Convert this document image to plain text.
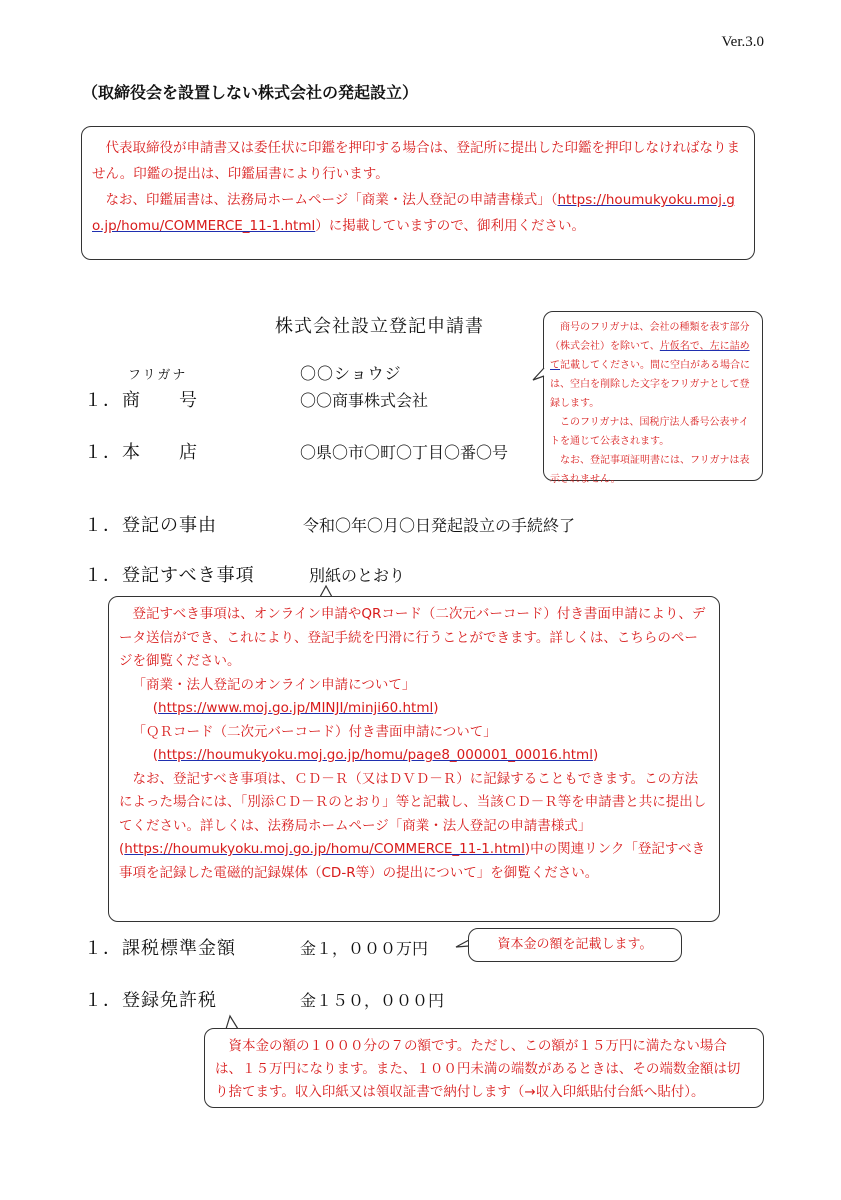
Ver.3.0
（取締役会を設置しない株式会社の発起設立）

代表取締役が申請書又は委任状に印鑑を押印する場合は、登記所に提出した印鑑を押印しなければなりません。印鑑の提出は、印鑑届書により行います。

なお、印鑑届書は、法務局ホームページ「商業・法人登記の申請書様式」（https://houmukyoku.moj.go.jp/homu/COMMERCE_11-1.html）に掲載していますので、御利用ください。

株式会社設立登記申請書	商号のフリガナは、会社の種類を表す部分（株式会社）を除いて、片仮名で、左に詰めて記載してください。間に空白がある場合には、空白を削除した文字をフリガナとして登録します。

このフリガナは、国税庁法人番号公表サイトを通じて公表されます。

なお、登記事項証明書には、フリガナは表示されません。

フリガナ	〇〇ショウジ
１．商　　号	〇〇商事株式会社
１．本　　店	〇県〇市〇町〇丁目〇番〇号
１．登記の事由	令和〇年〇月〇日発起設立の手続終了
１．登記すべき事項	別紙のとおり

登記すべき事項は、オンライン申請やQRコード（二次元バーコード）付き書面申請により、データ送信ができ、これにより、登記手続を円滑に行うことができます。詳しくは、こちらのページを御覧ください。

「商業・法人登記のオンライン申請について」

(https://www.moj.go.jp/MINJI/minji60.html)

「ＱＲコード（二次元バーコード）付き書面申請について」

(https://houmukyoku.moj.go.jp/homu/page8_000001_00016.html)

なお、登記すべき事項は、ＣＤ－Ｒ（又はＤＶＤ－Ｒ）に記録することもできます。この方法によった場合には、「別添ＣＤ－Ｒのとおり」等と記載し、当該ＣＤ－Ｒ等を申請書と共に提出してください。詳しくは、法務局ホームページ「商業・法人登記の申請書様式」(https://houmukyoku.moj.go.jp/homu/COMMERCE_11-1.html)中の関連リンク「登記すべき事項を記録した電磁的記録媒体（CD-R等）の提出について」を御覧ください。

１．課税標準金額	金１，０００万円	資本金の額を記載します。
１．登録免許税	金１５０，０００円

資本金の額の１０００分の７の額です。ただし、この額が１５万円に満たない場合は、１５万円になります。また、１００円未満の端数があるときは、その端数金額は切り捨てます。収入印紙又は領収証書で納付します（→収入印紙貼付台紙へ貼付）。
